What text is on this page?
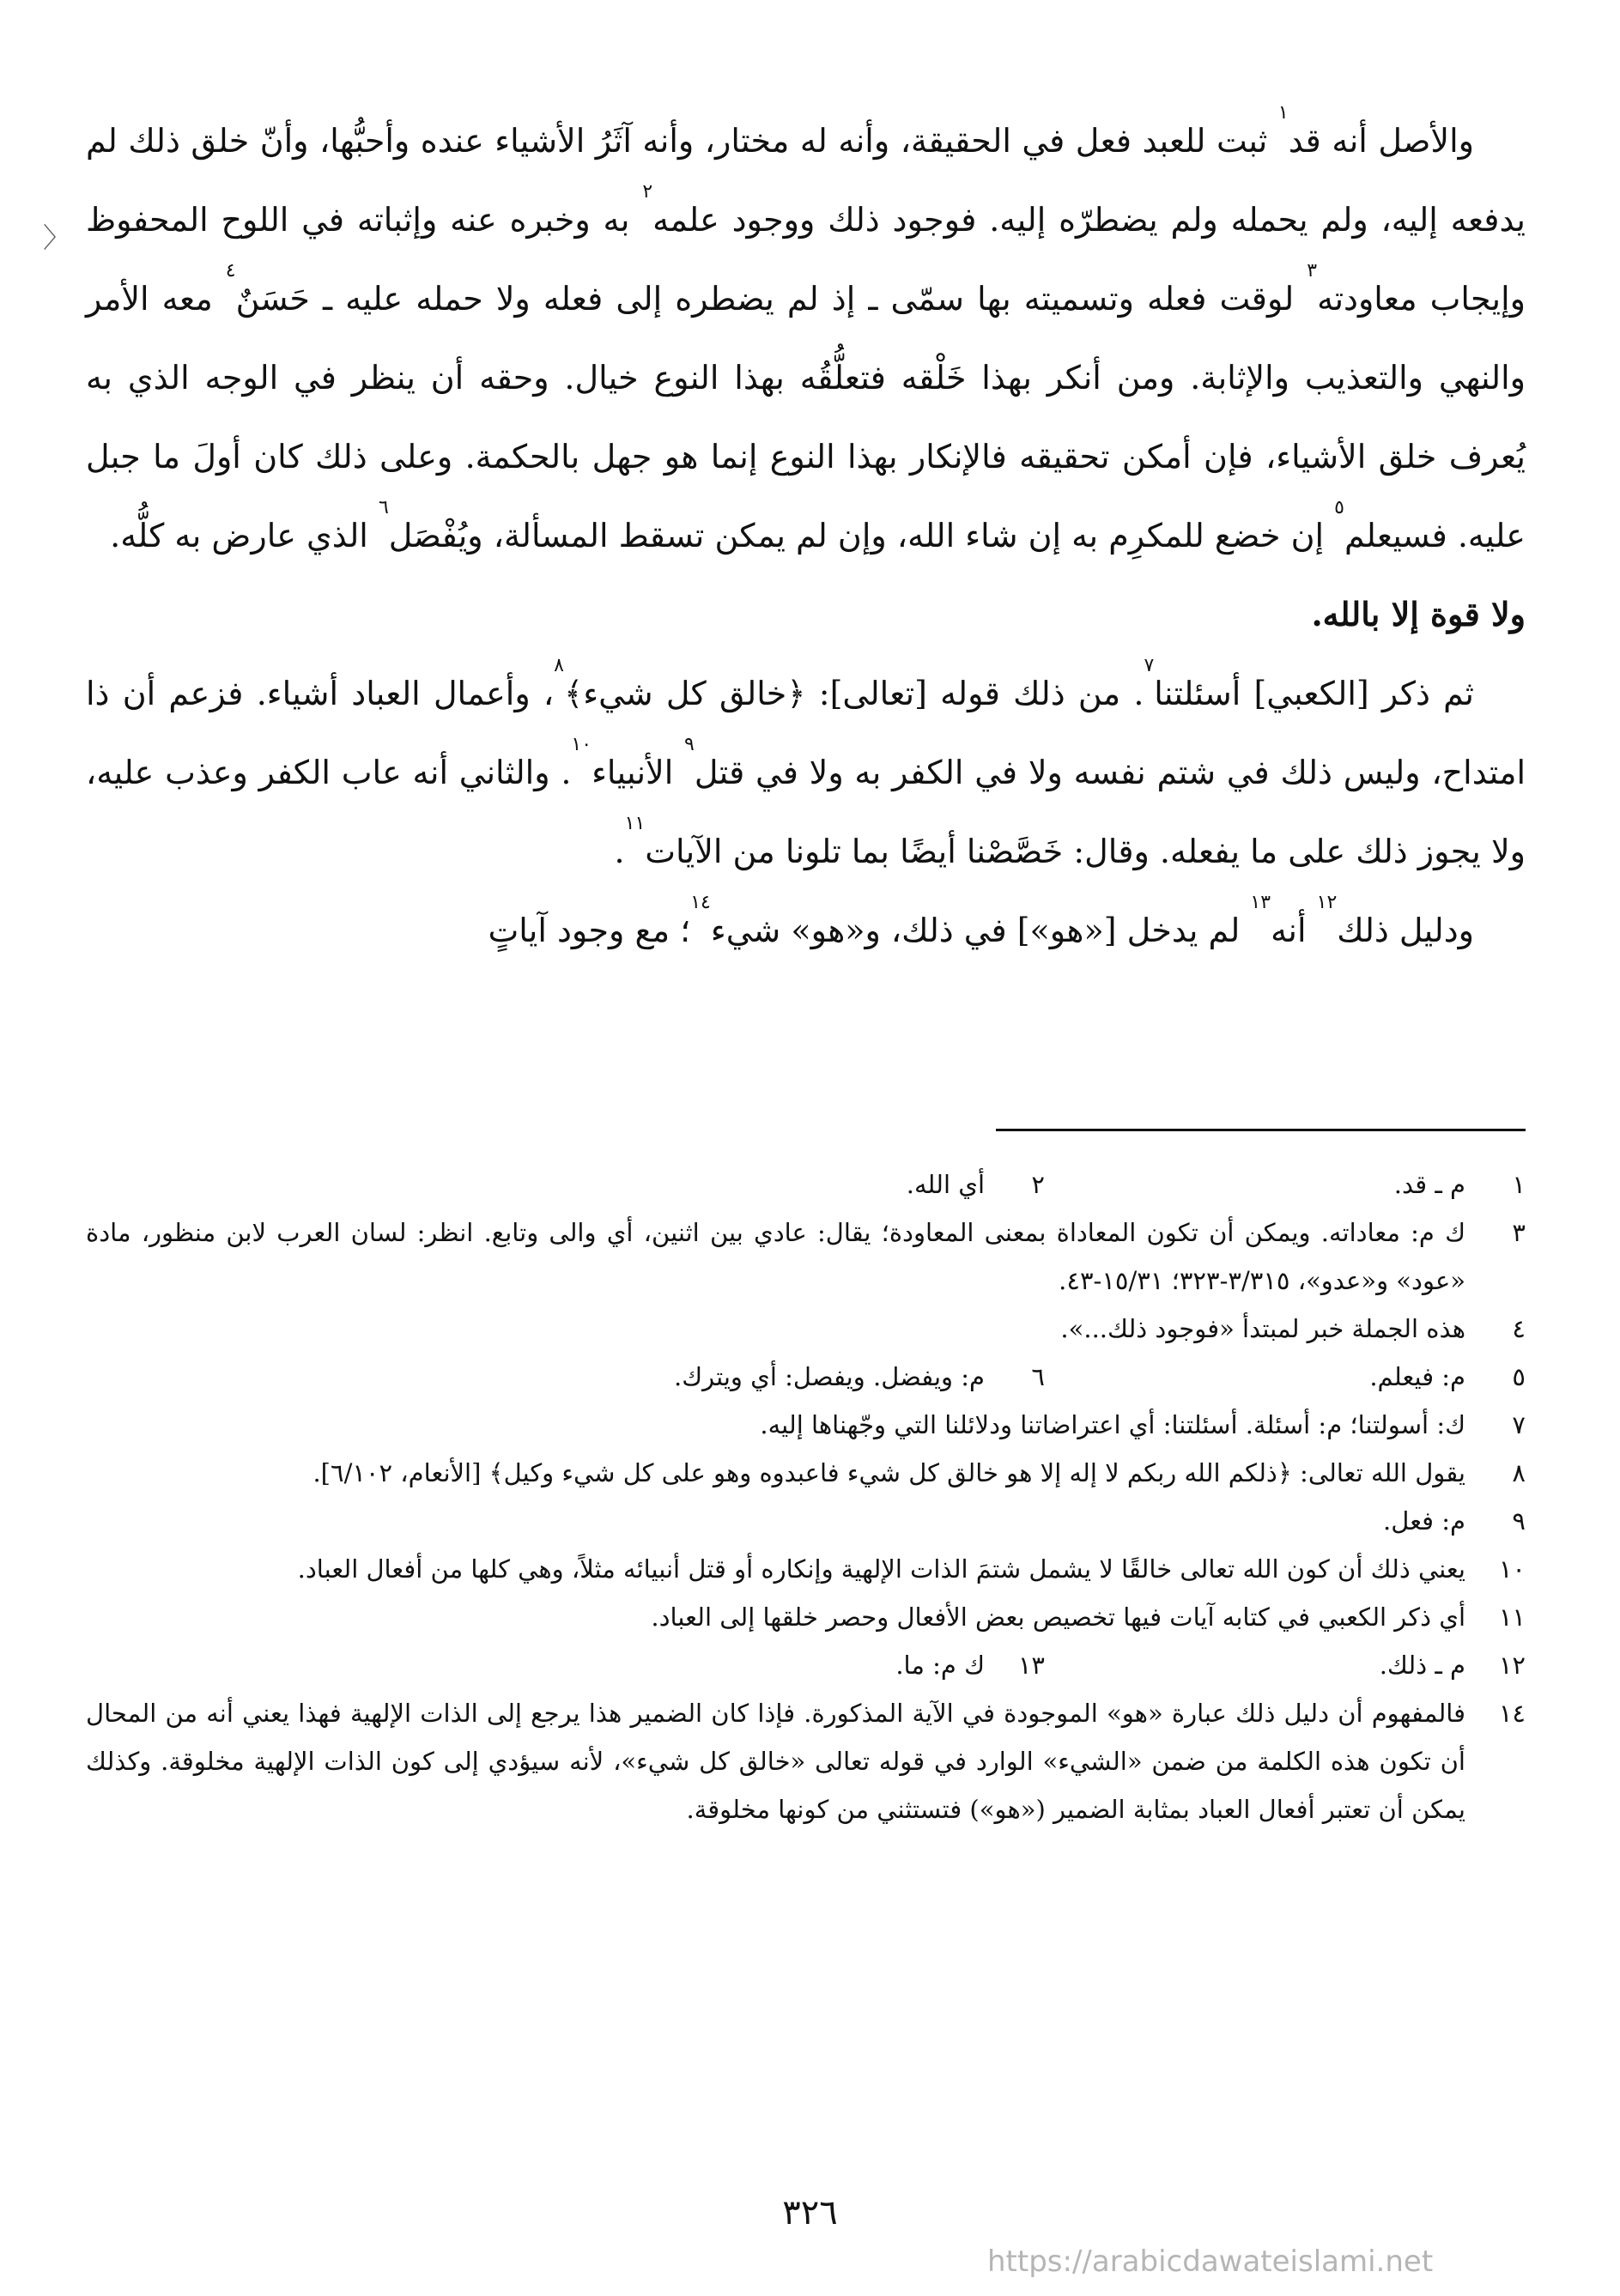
والأصل أنه قد$^١$ ثبت للعبد فعل في الحقيقة، وأنه له مختار، وأنه آثَرُ الأشياء عنده وأحبُّها، وأنّ خلق ذلك لم يدفعه إليه، ولم يحمله ولم يضطرّه إليه. فوجود ذلك ووجود علمه$^٢$ به وخبره عنه وإثباته في اللوح المحفوظ وإيجاب معاودته$^٣$ لوقت فعله وتسميته بها سمّى ـ إذ لم يضطره إلى فعله ولا حمله عليه ـ حَسَنٌ$^٤$ معه الأمر والنهي والتعذيب والإثابة. ومن أنكر بهذا خَلْقه فتعلُّقُه بهذا النوع خيال. وحقه أن ينظر في الوجه الذي به يُعرف خلق الأشياء، فإن أمكن تحقيقه فالإنكار بهذا النوع إنما هو جهل بالحكمة. وعلى ذلك كان أولَ ما جبل عليه. فسيعلم$^٥$ إن خضع للمكرِم به إن شاء الله، وإن لم يمكن تسقط المسألة، ويُفْصَل$^٦$ الذي عارض به كلُّه.

ولا قوة إلا بالله.

ثم ذكر [الكعبي] أسئلتنا$^٧$. من ذلك قوله [تعالى]: ﴿خالق كل شيء﴾$^٨$، وأعمال العباد أشياء. فزعم أن ذا امتداح، وليس ذلك في شتم نفسه ولا في الكفر به ولا في قتل$^٩$ الأنبياء$^{١٠}$. والثاني أنه عاب الكفر وعذب عليه، ولا يجوز ذلك على ما يفعله. وقال: خَصَّصْنا أيضًا بما تلونا من الآيات$^{١١}$.

ودليل ذلك$^{١٢}$ أنه$^{١٣}$ لم يدخل [«هو»] في ذلك، و«هو» شيء$^{١٤}$؛ مع وجود آياتٍ

〈
١
م ـ قد.
٢
أي الله.
٣
ك م: معاداته. ويمكن أن تكون المعاداة بمعنى المعاودة؛ يقال: عادي بين اثنين، أي والى وتابع. انظر: لسان العرب لابن منظور، مادة «عود» و«عدو»، ٣/٣١٥-٣٢٣؛ ١٥/٣١-٤٣.
٤
هذه الجملة خبر لمبتدأ «فوجود ذلك...».
٥
م: فيعلم.
٦
م: ويفضل. ويفصل: أي ويترك.
٧
ك: أسولتنا؛ م: أسئلة. أسئلتنا: أي اعتراضاتنا ودلائلنا التي وجّهناها إليه.
٨
يقول الله تعالى: ﴿ذلكم الله ربكم لا إله إلا هو خالق كل شيء فاعبدوه وهو على كل شيء وكيل﴾ [الأنعام، ٦/١٠٢].
٩
م: فعل.
١٠
يعني ذلك أن كون الله تعالى خالقًا لا يشمل شتمَ الذات الإلهية وإنكاره أو قتل أنبيائه مثلاً، وهي كلها من أفعال العباد.
١١
أي ذكر الكعبي في كتابه آيات فيها تخصيص بعض الأفعال وحصر خلقها إلى العباد.
١٢
م ـ ذلك.
١٣
ك م: ما.
١٤
فالمفهوم أن دليل ذلك عبارة «هو» الموجودة في الآية المذكورة. فإذا كان الضمير هذا يرجع إلى الذات الإلهية فهذا يعني أنه من المحال أن تكون هذه الكلمة من ضمن «الشيء» الوارد في قوله تعالى «خالق كل شيء»، لأنه سيؤدي إلى كون الذات الإلهية مخلوقة. وكذلك يمكن أن تعتبر أفعال العباد بمثابة الضمير («هو») فتستثني من كونها مخلوقة.
٣٢٦
https://arabicdawateislami.net
